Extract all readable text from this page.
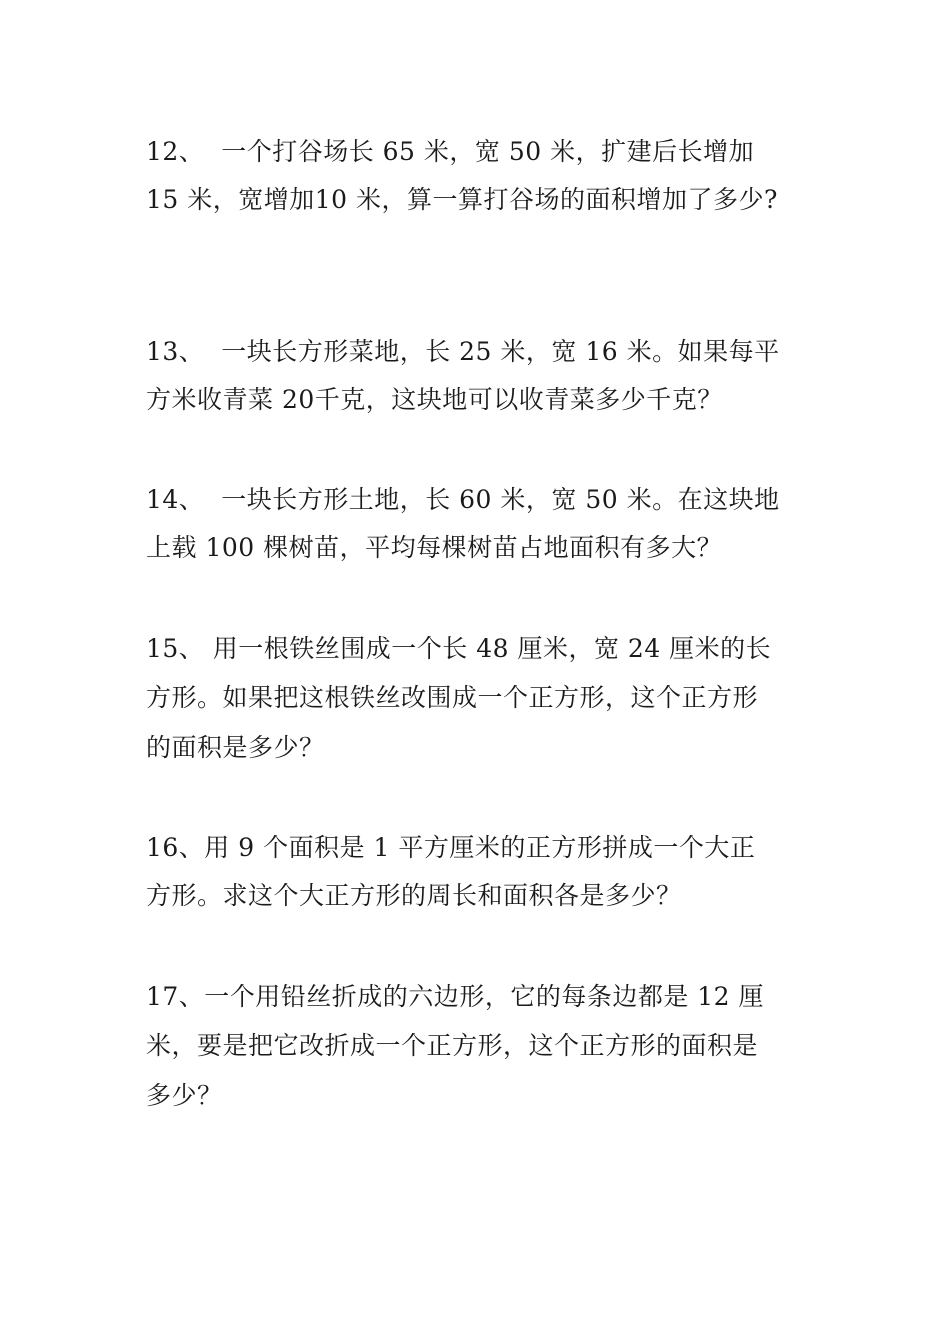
12、  一个打谷场长 65 米，宽 50 米，扩建后长增加
15 米，宽增加10 米，算一算打谷场的面积增加了多少?
13、  一块长方形菜地，长 25 米，宽 16 米。如果每平
方米收青菜 20千克，这块地可以收青菜多少千克？
14、  一块长方形土地，长 60 米，宽 50 米。在这块地
上载 100 棵树苗，平均每棵树苗占地面积有多大？
15、 用一根铁丝围成一个长 48 厘米，宽 24 厘米的长
方形。如果把这根铁丝改围成一个正方形，这个正方形
的面积是多少？
16、用 9 个面积是 1 平方厘米的正方形拼成一个大正
方形。求这个大正方形的周长和面积各是多少？
17、一个用铅丝折成的六边形，它的每条边都是 12 厘
米，要是把它改折成一个正方形，这个正方形的面积是
多少？
